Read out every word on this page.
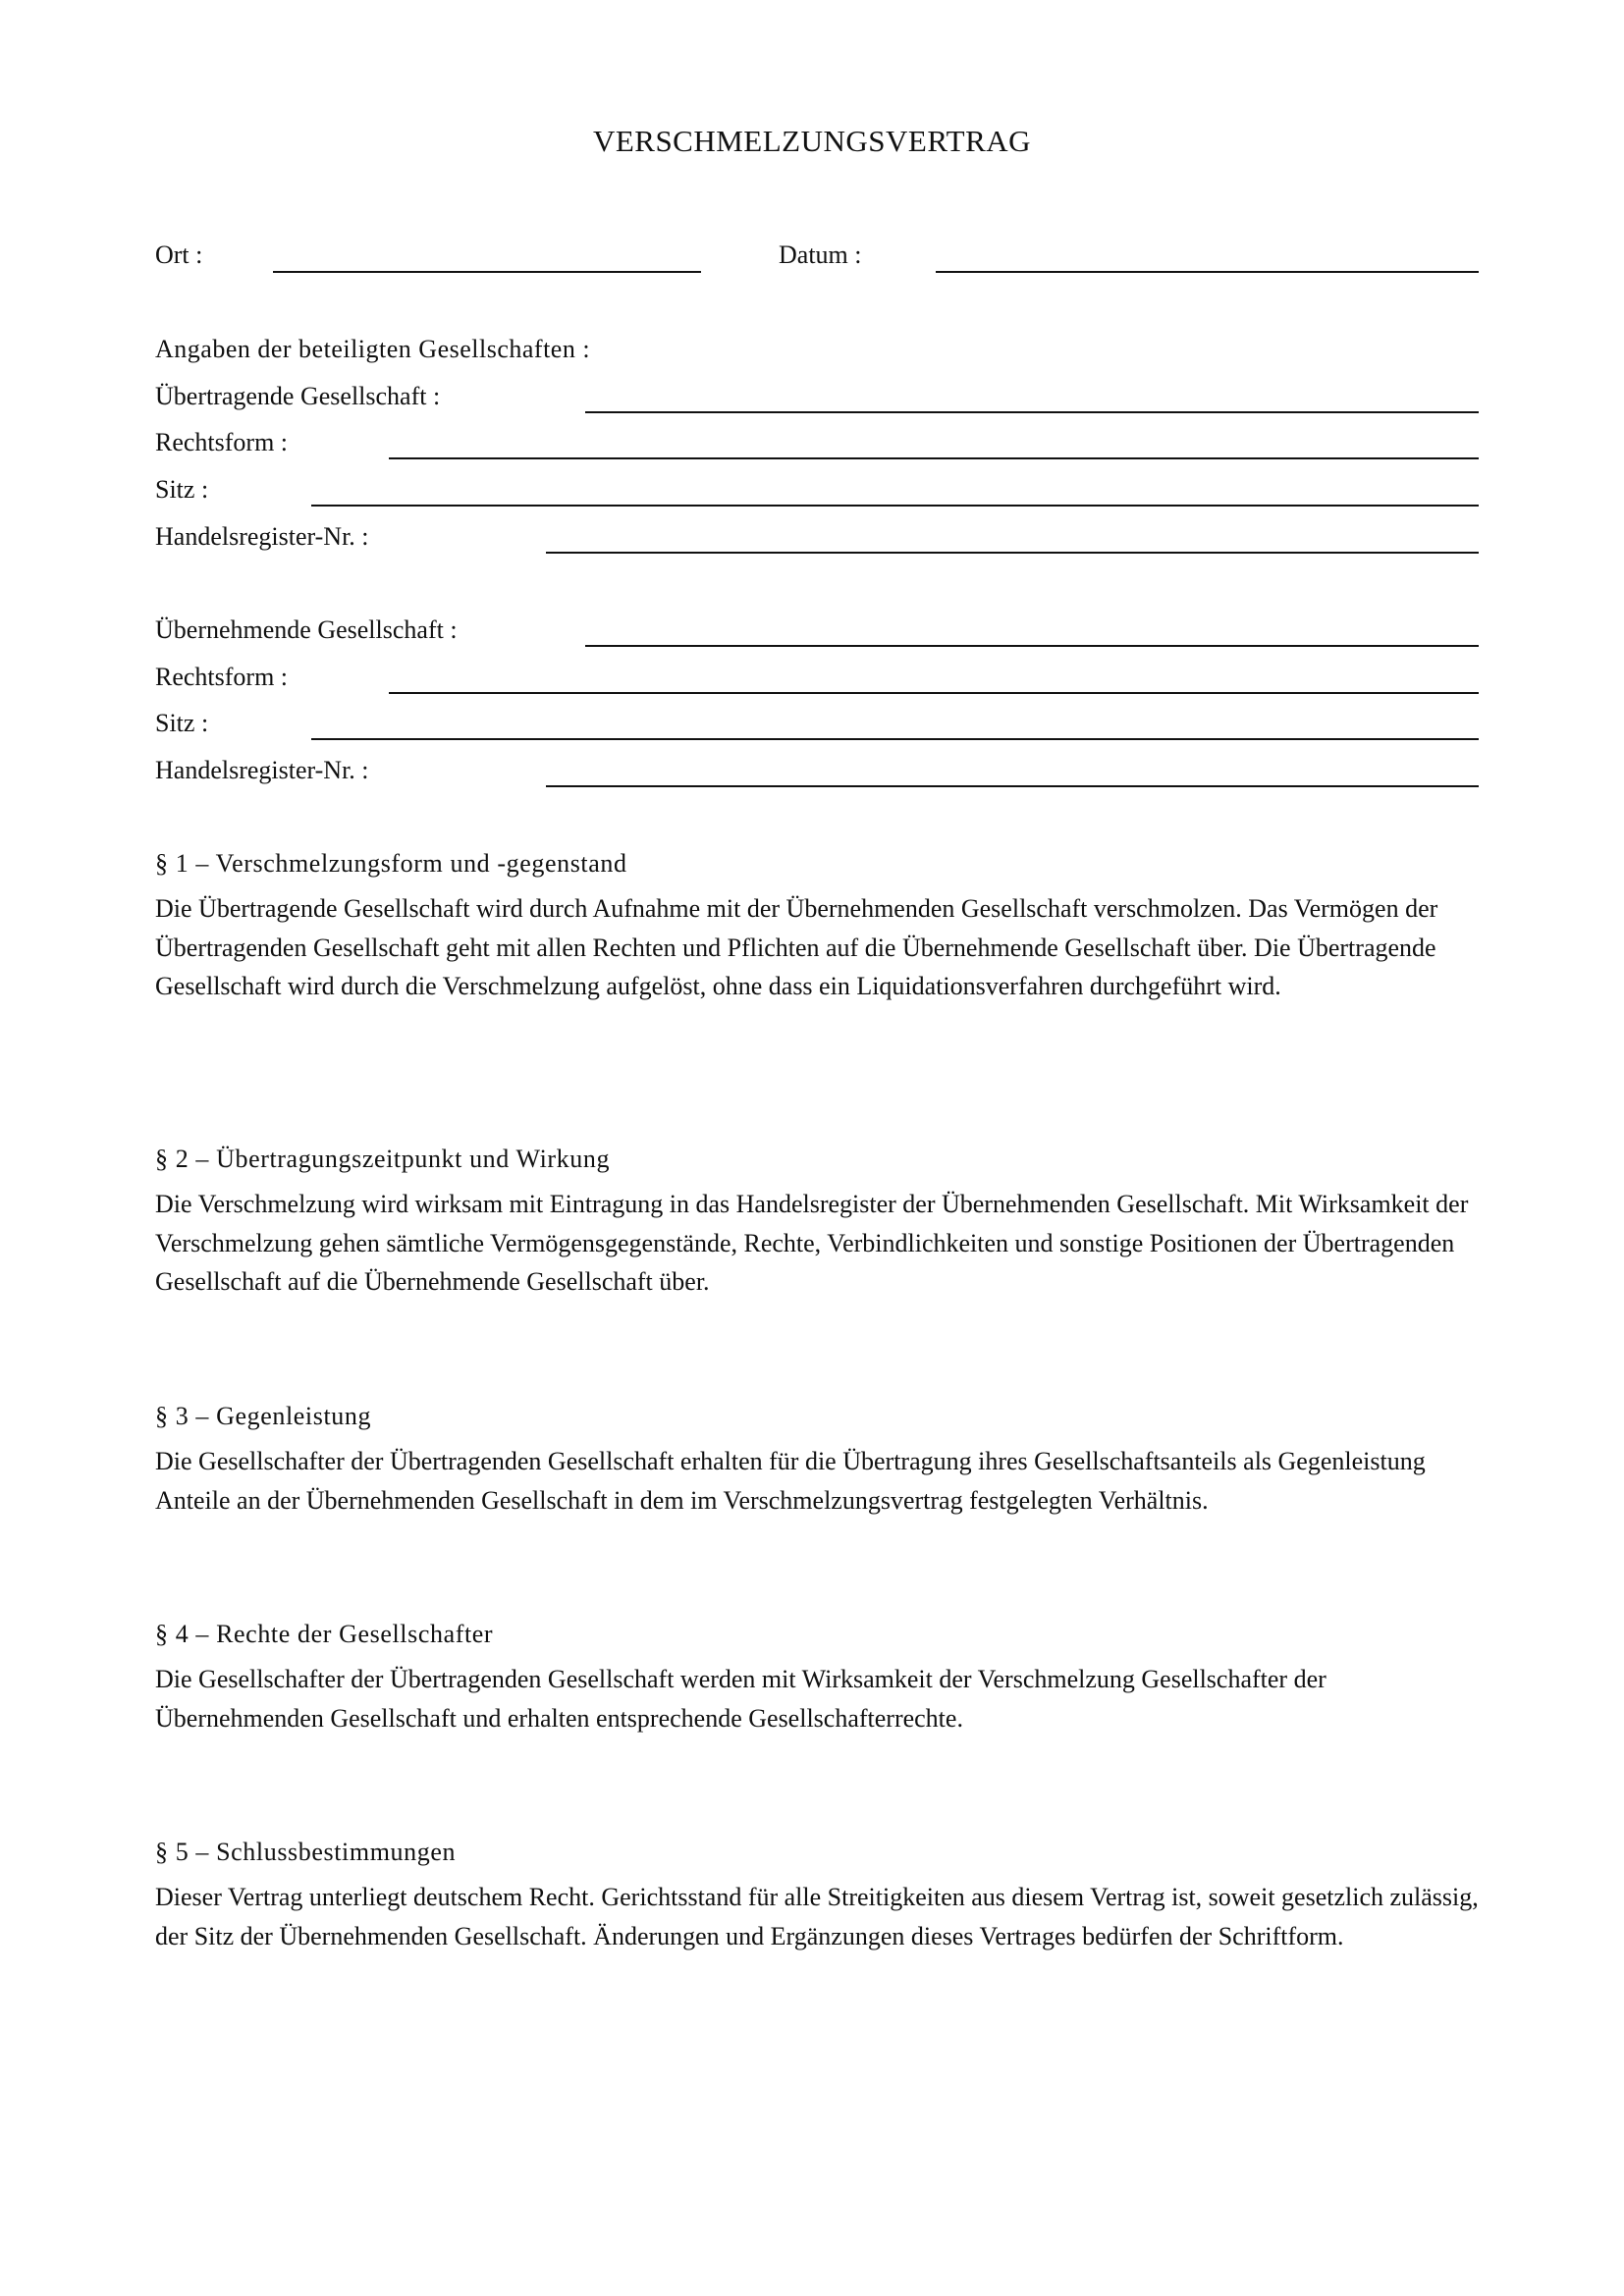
VERSCHMELZUNGSVERTRAG
Ort :	Datum :
Angaben der beteiligten Gesellschaften :
Übertragende Gesellschaft :
Rechtsform :
Sitz :
Handelsregister-Nr. :
Übernehmende Gesellschaft :
Rechtsform :
Sitz :
Handelsregister-Nr. :
§ 1 – Verschmelzungsform und -gegenstand

Die Übertragende Gesellschaft wird durch Aufnahme mit der Übernehmenden Gesellschaft verschmolzen. Das Vermögen der Übertragenden Gesellschaft geht mit allen Rechten und Pflichten auf die Übernehmende Gesellschaft über. Die Übertragende Gesellschaft wird durch die Verschmelzung aufgelöst, ohne dass ein Liquidationsverfahren durchgeführt wird.

§ 2 – Übertragungszeitpunkt und Wirkung

Die Verschmelzung wird wirksam mit Eintragung in das Handelsregister der Übernehmenden Gesellschaft. Mit Wirksamkeit der Verschmelzung gehen sämtliche Vermögensgegenstände, Rechte, Verbindlichkeiten und sonstige Positionen der Übertragenden Gesellschaft auf die Übernehmende Gesellschaft über.

§ 3 – Gegenleistung

Die Gesellschafter der Übertragenden Gesellschaft erhalten für die Übertragung ihres Gesellschaftsanteils als Gegenleistung Anteile an der Übernehmenden Gesellschaft in dem im Verschmelzungsvertrag festgelegten Verhältnis.

§ 4 – Rechte der Gesellschafter

Die Gesellschafter der Übertragenden Gesellschaft werden mit Wirksamkeit der Verschmelzung Gesellschafter der Übernehmenden Gesellschaft und erhalten entsprechende Gesellschafterrechte.

§ 5 – Schlussbestimmungen

Dieser Vertrag unterliegt deutschem Recht. Gerichtsstand für alle Streitigkeiten aus diesem Vertrag ist, soweit gesetzlich zulässig, der Sitz der Übernehmenden Gesellschaft. Änderungen und Ergänzungen dieses Vertrages bedürfen der Schriftform.
